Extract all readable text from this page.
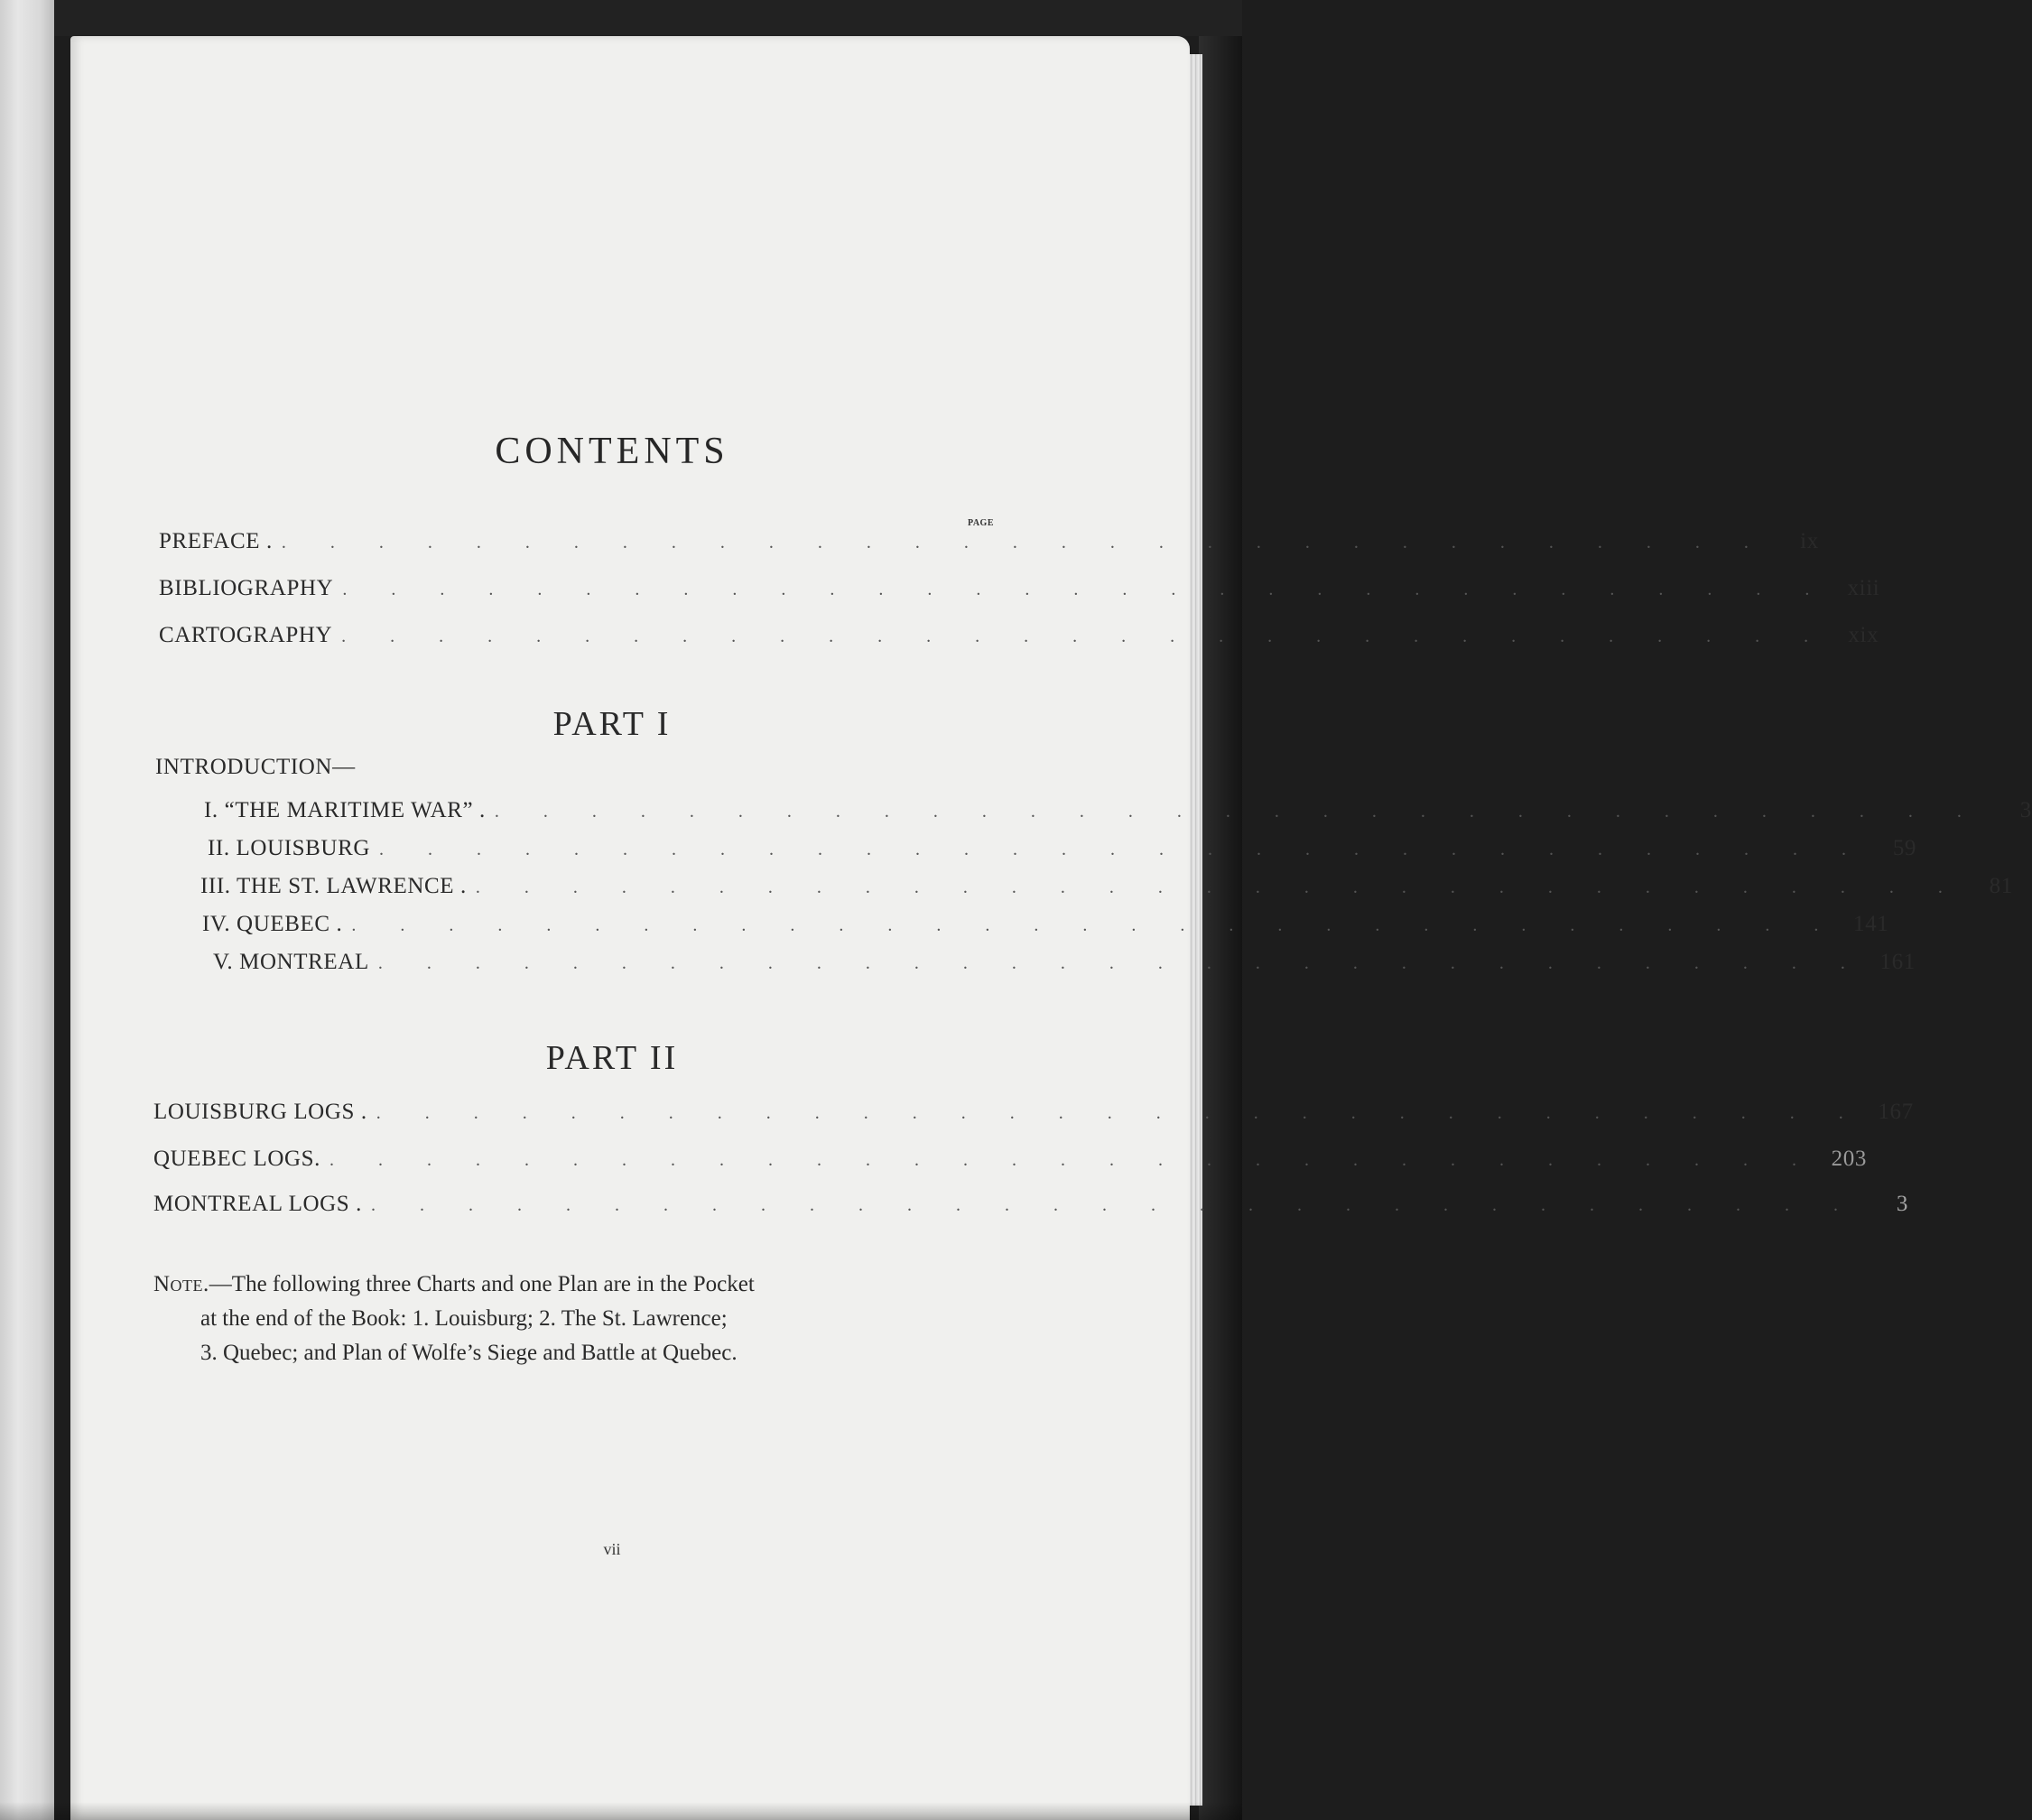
CONTENTS
PAGE
PREFACE . . . . . . . . . . . . . . . . . . . . . . . . . . . . . . . .	ix
BIBLIOGRAPHY . . . . . . . . . . . . . . . . . . . . . . . . . . . . . . . xiii
CARTOGRAPHY . . . . . . . . . . . . . . . . . . . . . . . . . . . . . . . xix
PART I
INTRODUCTION—
I. “THE MARITIME WAR” . . . . . . . . . . . . . . . . . . . . . . . . . . . . . . . .	3
II. LOUISBURG . . . . . . . . . . . . . . . . . . . . . . . . . . . . . . .	59
III. THE ST. LAWRENCE . . . . . . . . . . . . . . . . . . . . . . . . . . . . . . . .	81
IV. QUEBEC . . . . . . . . . . . . . . . . . . . . . . . . . . . . . . . . 141
V. MONTREAL . . . . . . . . . . . . . . . . . . . . . . . . . . . . . . . 161
PART II
LOUISBURG LOGS . . . . . . . . . . . . . . . . . . . . . . . . . . . . . . . . 167
QUEBEC LOGS. . . . . . . . . . . . . . . . . . . . . . . . . . . . . . . . 203
MONTREAL LOGS . . . . . . . . . . . . . . . . . . . . . . . . . . . . . . . .	3
Note.—The following three Charts and one Plan are in the Pocket
at the end of the Book: 1. Louisburg; 2. The St. Lawrence;
3. Quebec; and Plan of Wolfe’s Siege and Battle at Quebec.
vii
